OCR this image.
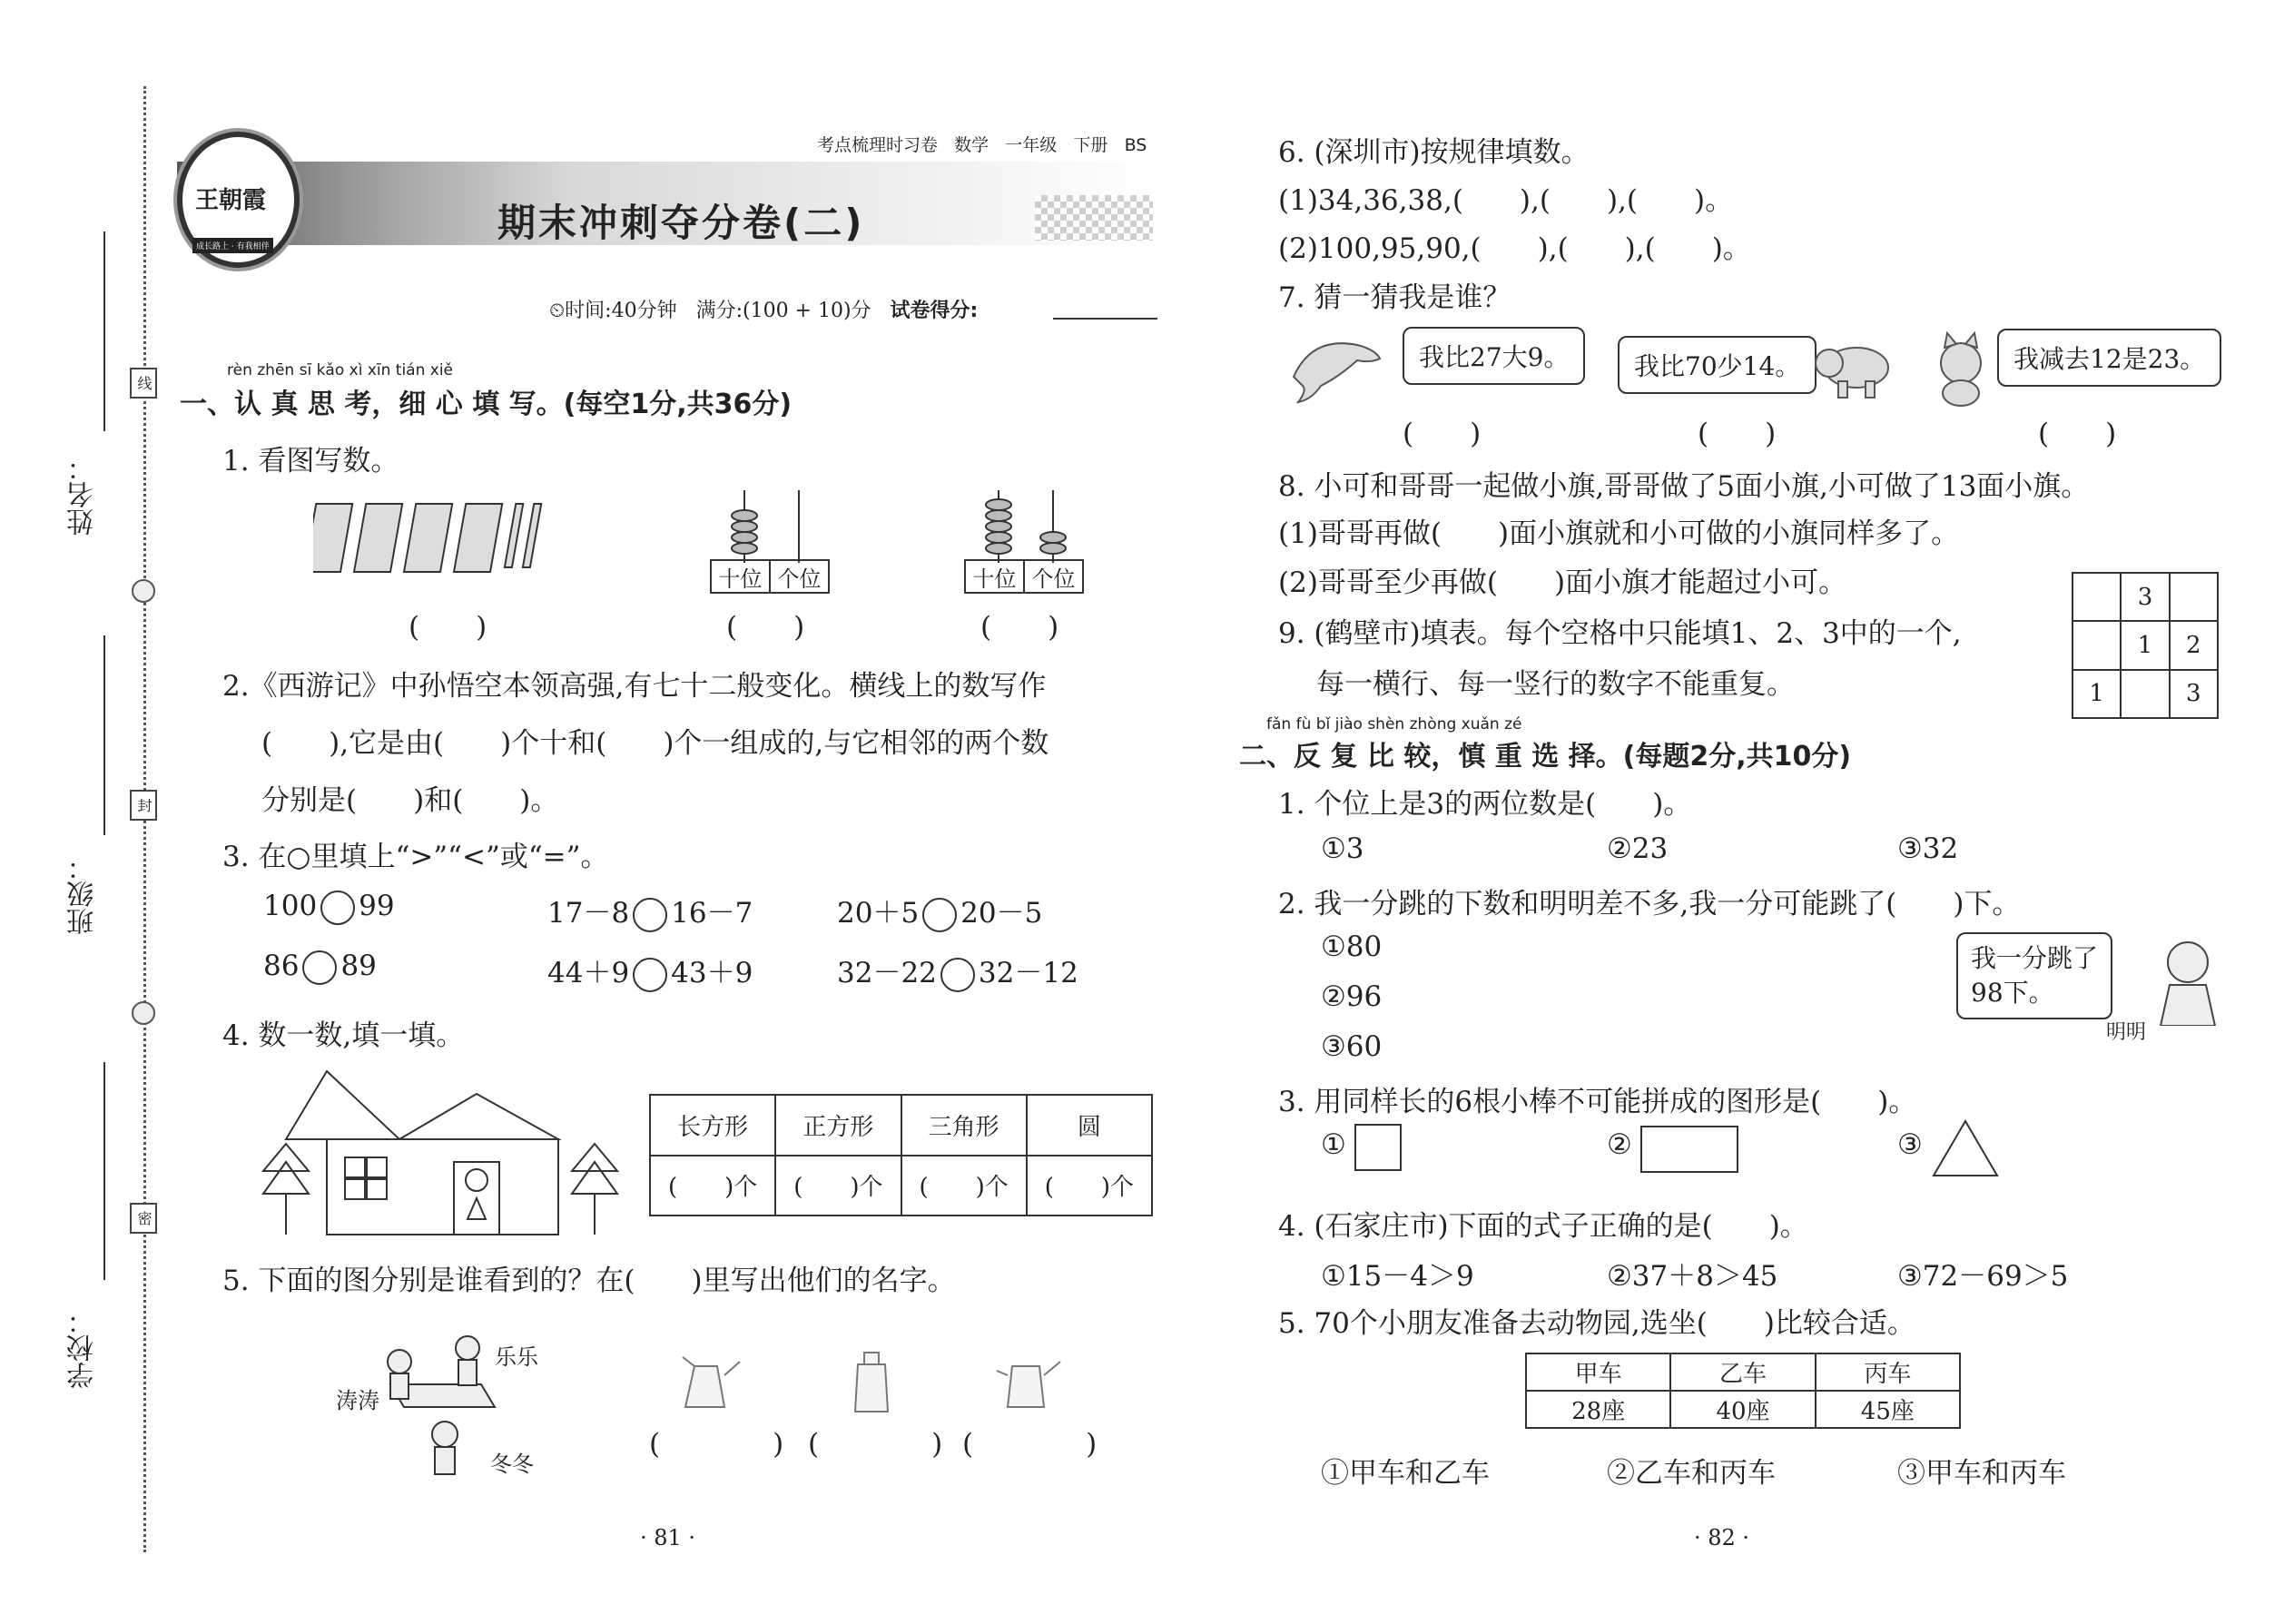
姓名：
班级：
学校：
线
封
密
考点梳理时习卷 数学 一年级 下册 BS
王朝霞
成长路上 · 有我相伴
期末冲刺夺分卷(二)
⏲时间:40分钟 满分:(100 + 10)分 试卷得分:
rèn zhēn sī kǎo xì xīn tián xiě
一、认 真 思 考，细 心 填 写。(每空1分,共36分)
1. 看图写数。
十位 个位	十位 个位
(　　)	(　　)	(　　)
2.《西游记》中孙悟空本领高强,有七十二般变化。横线上的数写作
(　　),它是由(　　)个十和(　　)个一组成的,与它相邻的两个数
分别是(　　)和(　　)。
3. 在○里填上“>”“<”或“=”。
100 99	17－8 16－7	20＋5 20－5
86 89	44＋9 43＋9	32－22 32－12
4. 数一数,填一填。
长方形	正方形	三角形	圆
(　　)个	(　　)个	(　　)个	(　　)个
5. 下面的图分别是谁看到的？在(　　)里写出他们的名字。
乐乐
涛涛
冬冬
(　　　　) (　　　　) (　　　　)
· 81 ·
6. (深圳市)按规律填数。
(1)34,36,38,(　　),(　　),(　　)。
(2)100,95,90,(　　),(　　),(　　)。
7. 猜一猜我是谁？
我比27大9。	我比70少14。	我减去12是23。
(　　)	(　　)	(　　)
8. 小可和哥哥一起做小旗,哥哥做了5面小旗,小可做了13面小旗。
(1)哥哥再做(　　)面小旗就和小可做的小旗同样多了。
(2)哥哥至少再做(　　)面小旗才能超过小可。
9. (鹤壁市)填表。每个空格中只能填1、2、3中的一个,
每一横行、每一竖行的数字不能重复。
	3	
	1	2
1		3
fǎn fù bǐ jiào shèn zhòng xuǎn zé
二、反 复 比 较，慎 重 选 择。(每题2分,共10分)
1. 个位上是3的两位数是(　　)。
①3	②23	③32
2. 我一分跳的下数和明明差不多,我一分可能跳了(　　)下。
①80
②96
③60
我一分跳了
98下。
明明
3. 用同样长的6根小棒不可能拼成的图形是(　　)。
①	②	③
4. (石家庄市)下面的式子正确的是(　　)。
①15－4＞9	②37＋8＞45	③72－69＞5
5. 70个小朋友准备去动物园,选坐(　　)比较合适。
甲车	乙车	丙车
28座	40座	45座
①甲车和乙车	②乙车和丙车	③甲车和丙车
· 82 ·
